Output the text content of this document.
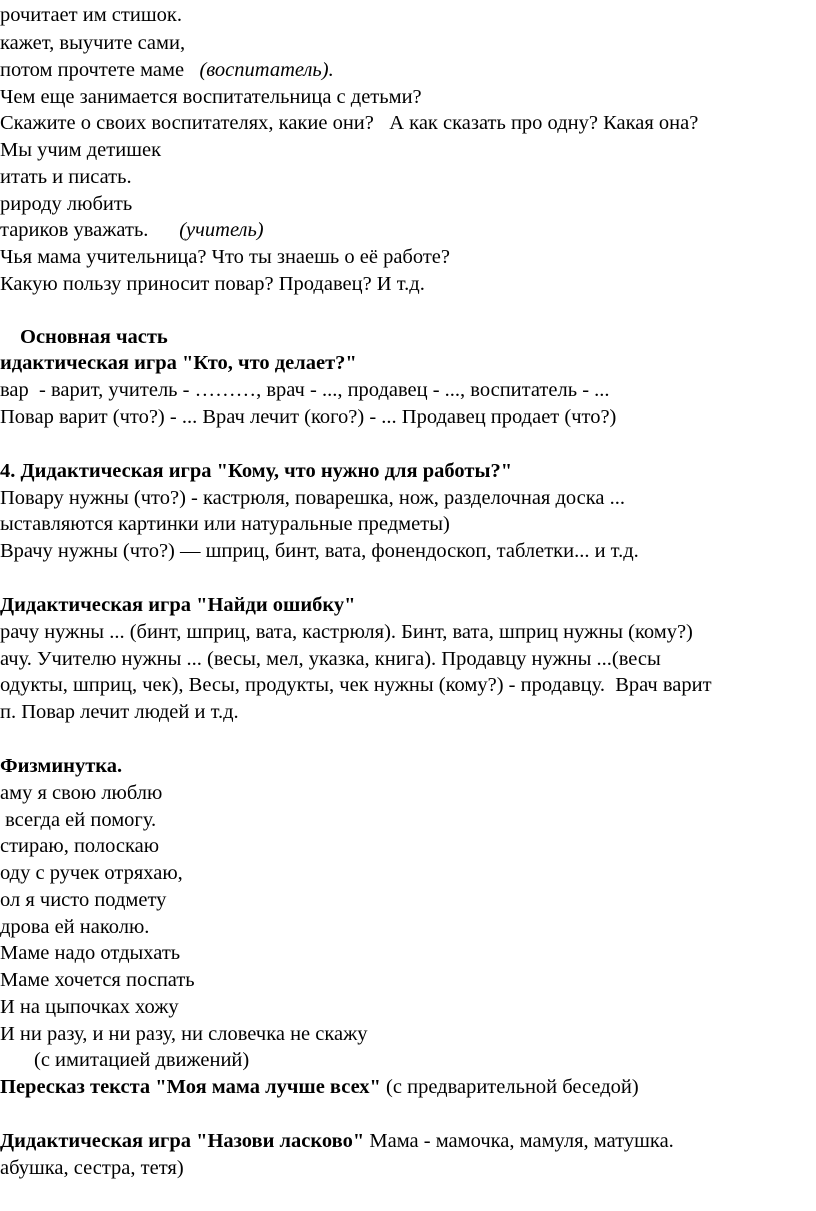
рочитает им стишок.
кажет, выучите сами,
потом прочтете маме (воспитатель).
Чем еще занимается воспитательница с детьми?
Скажите о своих воспитателях, какие они?   А как сказать про одну? Какая она?
Мы учим детишек
итать и писать.
рироду любить
тариков уважать. (учитель)
Чья мама учительница? Что ты знаешь о её работе?
Какую пользу приносит повар? Продавец? И т.д.
Основная часть
идактическая игра "Кто, что делает?"
вар  - варит, учитель - ………, врач - ..., продавец - ..., воспитатель - ...
Повар варит (что?) - ... Врач лечит (кого?) - ... Продавец продает (что?)
4. Дидактическая игра "Кому, что нужно для работы?"
Повару нужны (что?) - кастрюля, поварешка, нож, разделочная доска ...
ыставляются картинки или натуральные предметы)
Врачу нужны (что?) — шприц, бинт, вата, фонендоскоп, таблетки... и т.д.
Дидактическая игра "Найди ошибку"
рачу нужны ... (бинт, шприц, вата, кастрюля). Бинт, вата, шприц нужны (кому?)
ачу. Учителю нужны ... (весы, мел, указка, книга). Продавцу нужны ...(весы
одукты, шприц, чек), Весы, продукты, чек нужны (кому?) - продавцу.  Врач варит
п. Повар лечит людей и т.д.
Физминутка.
аму я свою люблю
всегда ей помогу.
стираю, полоскаю
оду с ручек отряхаю,
ол я чисто подмету
дрова ей наколю.
Маме надо отдыхать
Маме хочется поспать
И на цыпочках хожу
И ни разу, и ни разу, ни словечка не скажу
(с имитацией движений)
Пересказ текста "Моя мама лучше всех" (с предварительной беседой)
Дидактическая игра "Назови ласково" Мама - мамочка, мамуля, матушка.
абушка, сестра, тетя)
